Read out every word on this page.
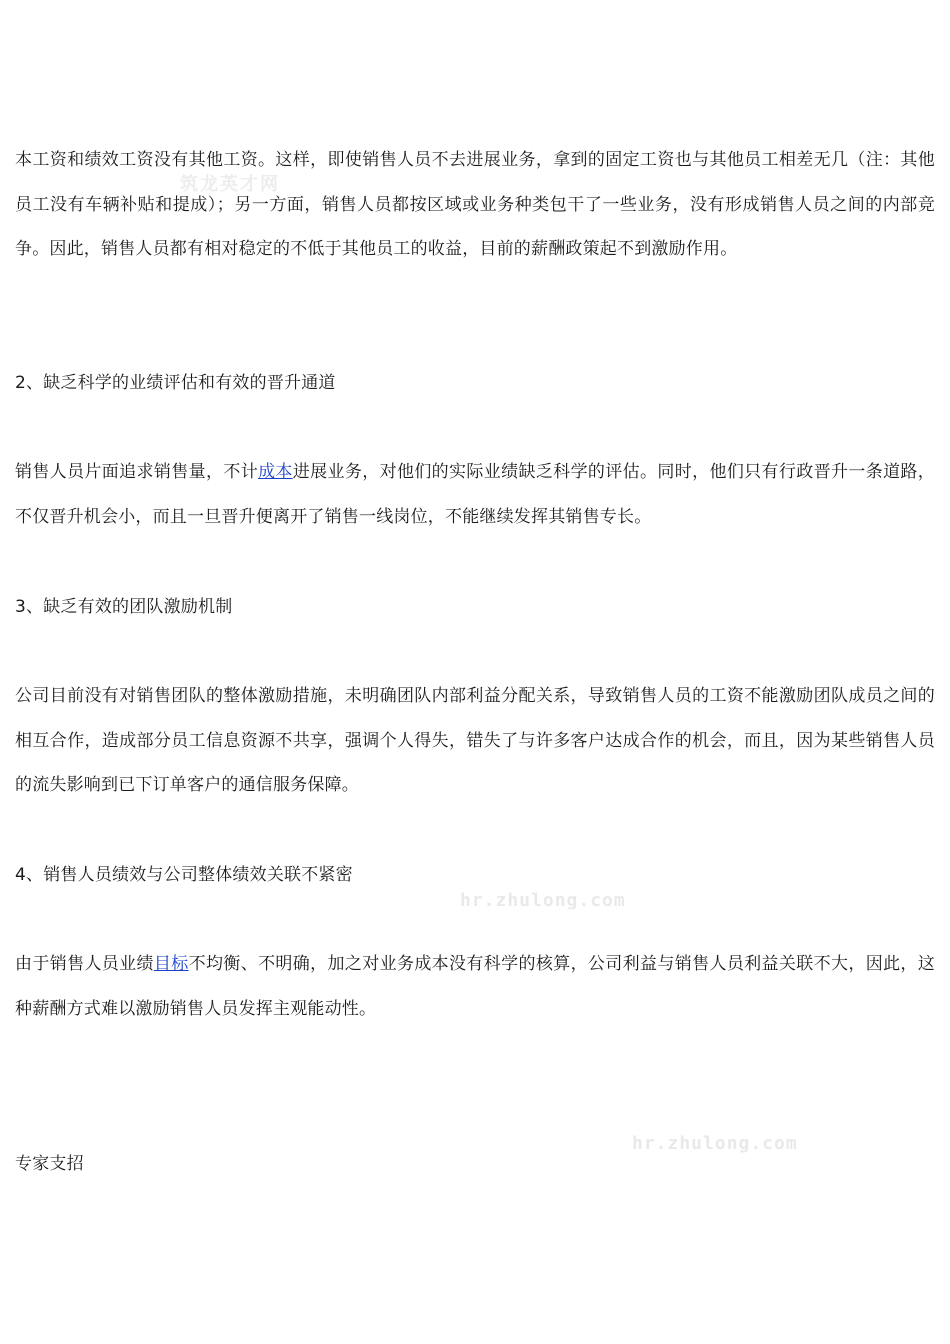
筑龙英才网
hr.zhulong.com
hr.zhulong.com

本工资和绩效工资没有其他工资。这样，即使销售人员不去进展业务，拿到的固定工资也与其他员工相差无几（注：其他员工没有车辆补贴和提成）；另一方面，销售人员都按区域或业务种类包干了一些业务，没有形成销售人员之间的内部竞争。因此，销售人员都有相对稳定的不低于其他员工的收益，目前的薪酬政策起不到激励作用。

2、缺乏科学的业绩评估和有效的晋升通道

销售人员片面追求销售量，不计成本进展业务，对他们的实际业绩缺乏科学的评估。同时，他们只有行政晋升一条道路，不仅晋升机会小，而且一旦晋升便离开了销售一线岗位，不能继续发挥其销售专长。

3、缺乏有效的团队激励机制

公司目前没有对销售团队的整体激励措施，未明确团队内部利益分配关系，导致销售人员的工资不能激励团队成员之间的相互合作，造成部分员工信息资源不共享，强调个人得失，错失了与许多客户达成合作的机会，而且，因为某些销售人员的流失影响到已下订单客户的通信服务保障。

4、销售人员绩效与公司整体绩效关联不紧密

由于销售人员业绩目标不均衡、不明确，加之对业务成本没有科学的核算，公司利益与销售人员利益关联不大，因此，这种薪酬方式难以激励销售人员发挥主观能动性。

专家支招
